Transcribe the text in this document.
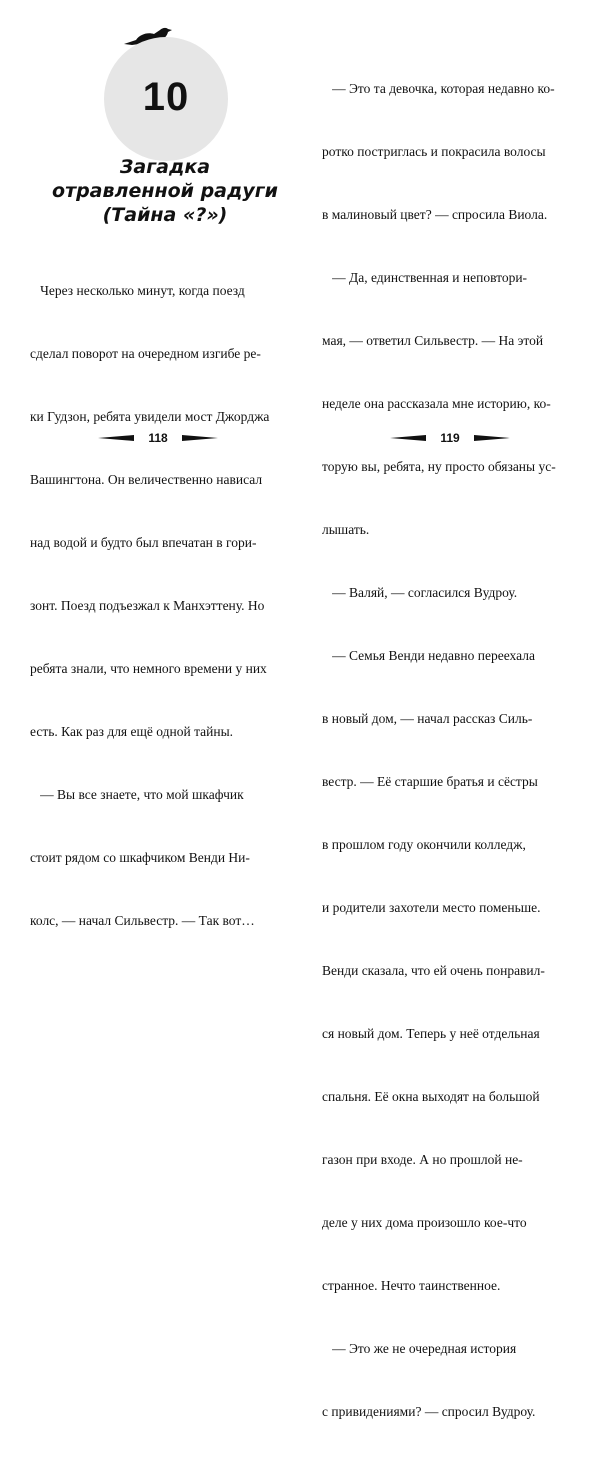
10
Загадка
отравленной радуги
(Тайна «?»)

Через несколько минут, когда поезд

сделал поворот на очередном изгибе ре-

ки Гудзон, ребята увидели мост Джорджа

Вашингтона. Он величественно нависал

над водой и будто был впечатан в гори-

зонт. Поезд подъезжал к Манхэттену. Но

ребята знали, что немного времени у них

есть. Как раз для ещё одной тайны.

— Вы все знаете, что мой шкафчик

стоит рядом со шкафчиком Венди Ни-

колс, — начал Сильвестр. — Так вот…

118

— Это та девочка, которая недавно ко-

ротко постриглась и покрасила волосы

в малиновый цвет? — спросила Виола.

— Да, единственная и неповтори-

мая, — ответил Сильвестр. — На этой

неделе она рассказала мне историю, ко-

торую вы, ребята, ну просто обязаны ус-

лышать.

— Валяй, — согласился Вудроу.

— Семья Венди недавно переехала

в новый дом, — начал рассказ Силь-

вестр. — Её старшие братья и сёстры

в прошлом году окончили колледж,

и родители захотели место поменьше.

Венди сказала, что ей очень понравил-

ся новый дом. Теперь у неё отдельная

спальня. Её окна выходят на большой

газон при входе. А но прошлой не-

деле у них дома произошло кое-что

странное. Нечто таинственное.

— Это же не очередная история

с привидениями? — спросил Вудроу.

119
